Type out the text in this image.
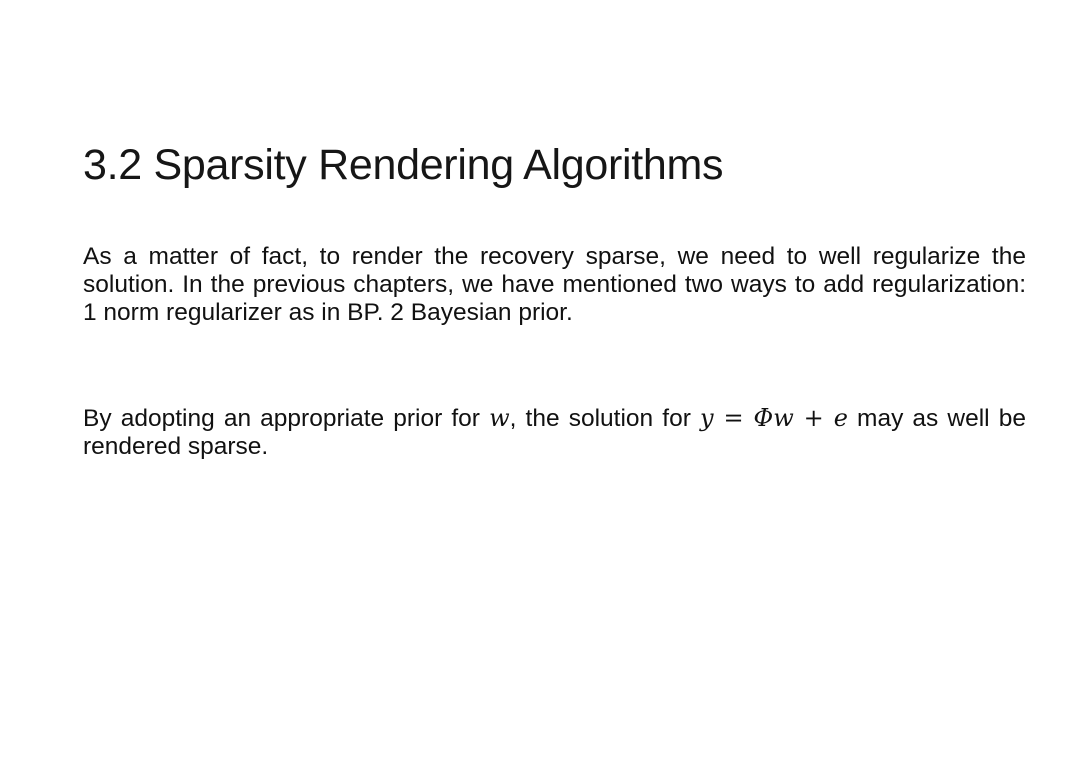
3.2 Sparsity Rendering Algorithms

As a matter of fact, to render the recovery sparse, we need to well regularize the solution. In the previous chapters, we have mentioned two ways to add regularization: 1 norm regularizer as in BP. 2 Bayesian prior.

By adopting an appropriate prior for w, the solution for y = Φw + e may as well be rendered sparse.
